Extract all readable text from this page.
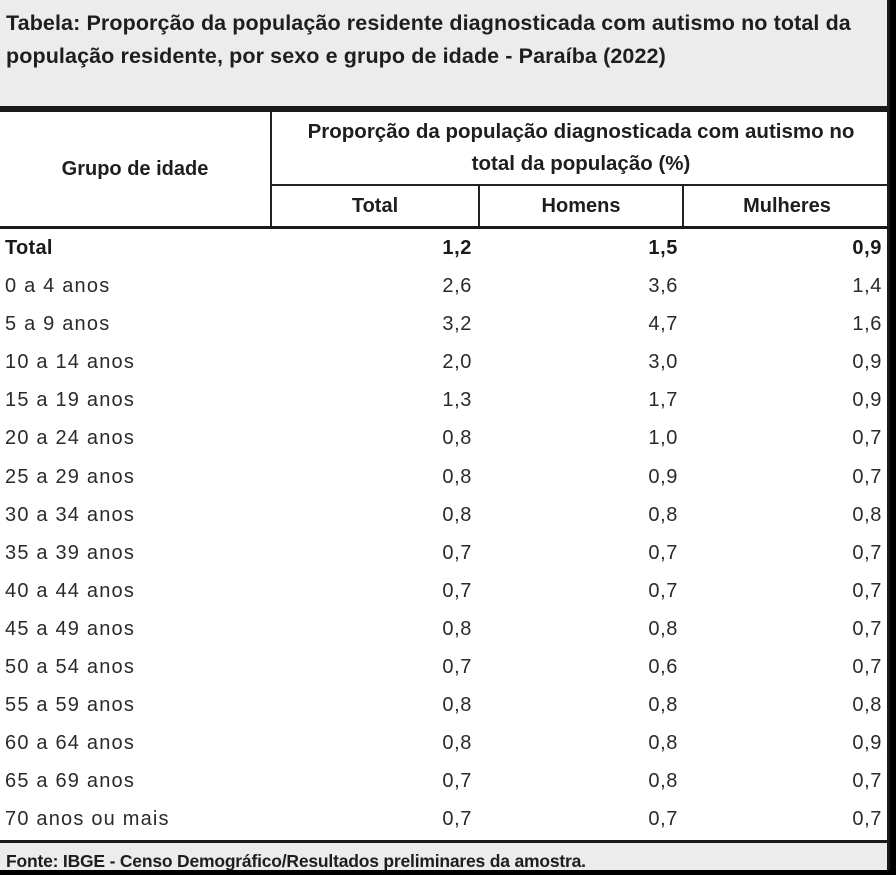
Tabela: Proporção da população residente diagnosticada com autismo no total da população residente, por sexo e grupo de idade - Paraíba (2022)
Grupo de idade
Proporção da população diagnosticada com autismo no total da população (%)
Total	Homens	Mulheres
Total	1,2	1,5	0,9
0 a 4 anos	2,6	3,6	1,4
5 a 9 anos	3,2	4,7	1,6
10 a 14 anos	2,0	3,0	0,9
15 a 19 anos	1,3	1,7	0,9
20 a 24 anos	0,8	1,0	0,7
25 a 29 anos	0,8	0,9	0,7
30 a 34 anos	0,8	0,8	0,8
35 a 39 anos	0,7	0,7	0,7
40 a 44 anos	0,7	0,7	0,7
45 a 49 anos	0,8	0,8	0,7
50 a 54 anos	0,7	0,6	0,7
55 a 59 anos	0,8	0,8	0,8
60 a 64 anos	0,8	0,8	0,9
65 a 69 anos	0,7	0,8	0,7
70 anos ou mais	0,7	0,7	0,7
Fonte: IBGE - Censo Demográfico/Resultados preliminares da amostra.
